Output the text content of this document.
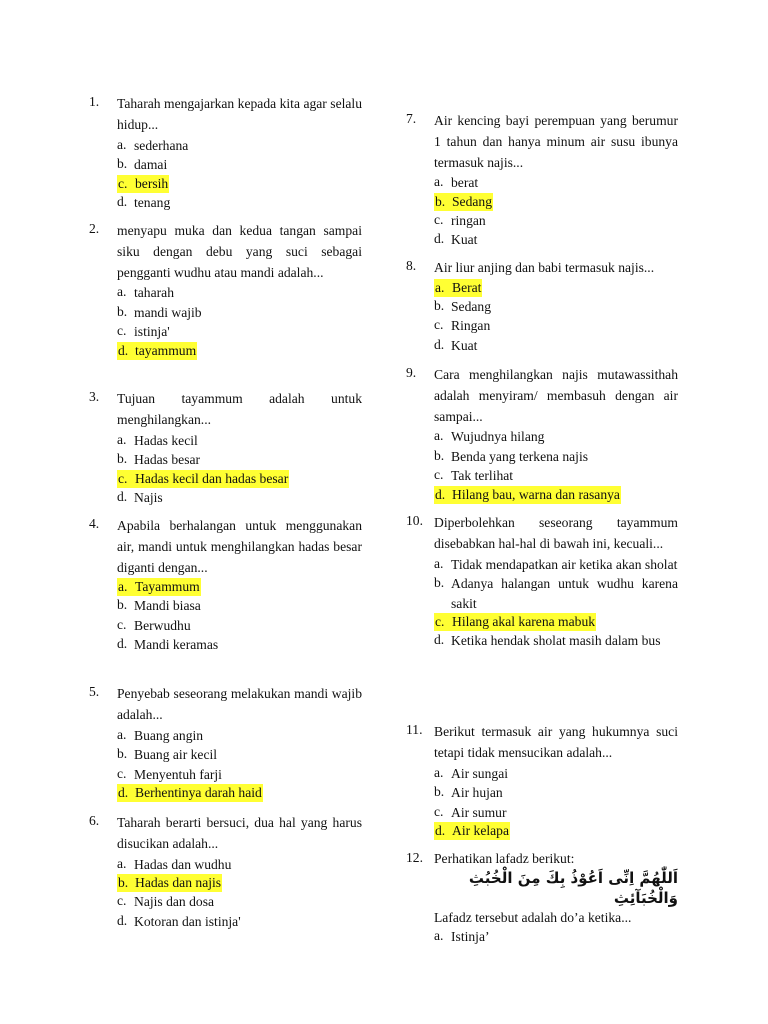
1. Taharah mengajarkan kepada kita agar selalu hidup...
a. sederhana
b. damai
c. bersih
d. tenang
2. menyapu muka dan kedua tangan sampai siku dengan debu yang suci sebagai pengganti wudhu atau mandi adalah...
a. taharah
b. mandi wajib
c. istinja'
d. tayammum
3. Tujuan tayammum adalah untuk menghilangkan...
a. Hadas kecil
b. Hadas besar
c. Hadas kecil dan hadas besar
d. Najis
4. Apabila berhalangan untuk menggunakan air, mandi untuk menghilangkan hadas besar diganti dengan...
a. Tayammum
b. Mandi biasa
c. Berwudhu
d. Mandi keramas
5. Penyebab seseorang melakukan mandi wajib adalah...
a. Buang angin
b. Buang air kecil
c. Menyentuh farji
d. Berhentinya darah haid
6. Taharah berarti bersuci, dua hal yang harus disucikan adalah...
a. Hadas dan wudhu
b. Hadas dan najis
c. Najis dan dosa
d. Kotoran dan istinja'
7. Air kencing bayi perempuan yang berumur 1 tahun dan hanya minum air susu ibunya termasuk najis...
a. berat
b. Sedang
c. ringan
d. Kuat
8. Air liur anjing dan babi termasuk najis...
a. Berat
b. Sedang
c. Ringan
d. Kuat
9. Cara menghilangkan najis mutawassithah adalah menyiram/ membasuh dengan air sampai...
a. Wujudnya hilang
b. Benda yang terkena najis
c. Tak terlihat
d. Hilang bau, warna dan rasanya
10. Diperbolehkan seseorang tayammum disebabkan hal-hal di bawah ini, kecuali...
a. Tidak mendapatkan air ketika akan sholat
b. Adanya halangan untuk wudhu karena sakit
c. Hilang akal karena mabuk
d. Ketika hendak sholat masih dalam bus
11. Berikut termasuk air yang hukumnya suci tetapi tidak mensucikan adalah...
a. Air sungai
b. Air hujan
c. Air sumur
d. Air kelapa
12. Perhatikan lafadz berikut:
اَللّٰهُمَّ اِنِّى اَعُوْذُ بِكَ مِنَ الْخُبُثِ وَالْخُبَآئِثِ
Lafadz tersebut adalah do’a ketika...
a. Istinja’
